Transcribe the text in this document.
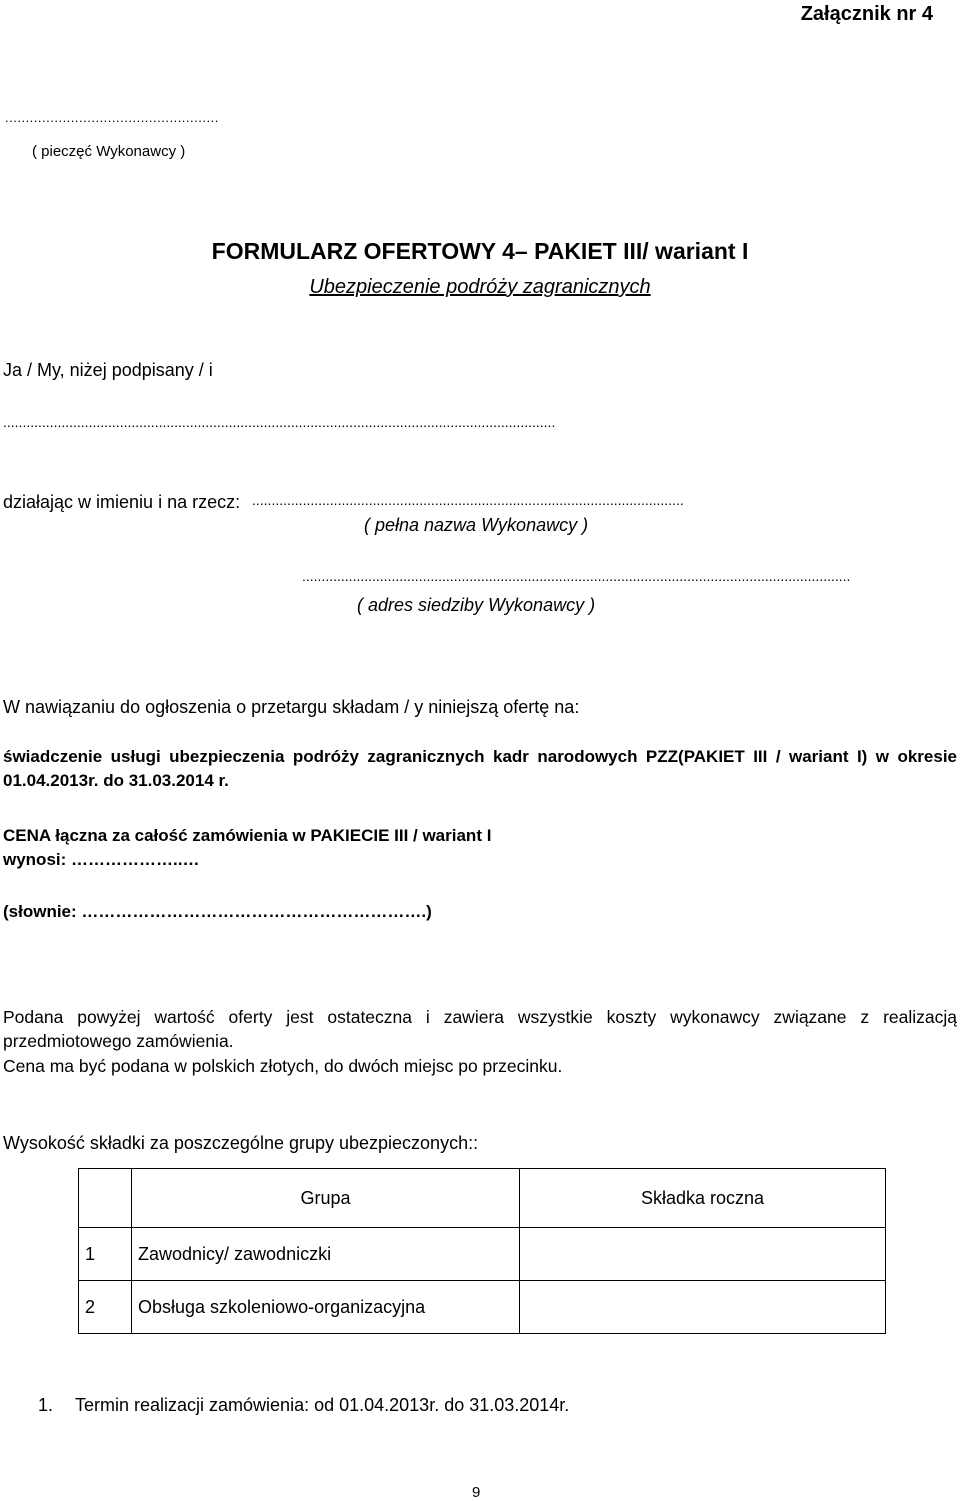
Załącznik nr 4
....................................................
( pieczęć Wykonawcy )
FORMULARZ OFERTOWY 4– PAKIET III/ wariant I
Ubezpieczenie podróży zagranicznych
Ja / My, niżej podpisany / i
..............................................................................................................................................
działając w imieniu i na rzecz: ...............................................................................................................
( pełna nazwa Wykonawcy )
.............................................................................................................................................
( adres siedziby Wykonawcy )
W nawiązaniu do ogłoszenia o przetargu składam / y niniejszą ofertę na:
świadczenie usługi ubezpieczenia podróży zagranicznych kadr narodowych PZZ(PAKIET III / wariant I) w okresie 01.04.2013r. do 31.03.2014 r.
CENA łączna za całość zamówienia w PAKIECIE III / wariant I
wynosi: ………………..…
(słownie: …………………………………………………….)
Podana powyżej wartość oferty jest ostateczna i zawiera wszystkie koszty wykonawcy związane z realizacją przedmiotowego zamówienia.
Cena ma być podana w polskich złotych, do dwóch miejsc po przecinku.
Wysokość składki za poszczególne grupy ubezpieczonych::
	Grupa	Składka roczna
1	Zawodnicy/ zawodniczki	
2	Obsługa szkoleniowo-organizacyjna	
1. Termin realizacji zamówienia: od 01.04.2013r. do 31.03.2014r.
9
